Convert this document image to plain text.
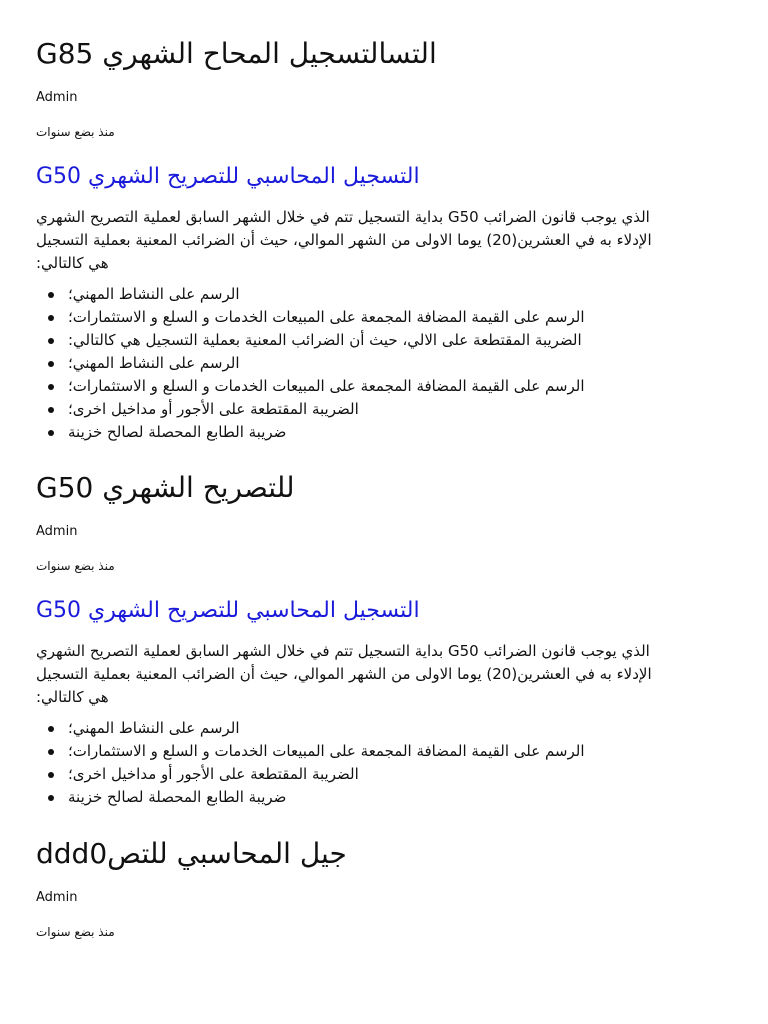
التسالتسجيل المحاح الشهري G85
Admin
منذ بضع سنوات
التسجيل المحاسبي للتصريح الشهري G50
الذي يوجب قانون الضرائب G50 بداية التسجيل تتم في خلال الشهر السابق لعملية التصريح الشهري
الإدلاء به في العشرين(20) يوما الاولى من الشهر الموالي، حيث أن الضرائب المعنية بعملية التسجيل
هي كالتالي:
الرسم على النشاط المهني؛
الرسم على القيمة المضافة المجمعة على المبيعات الخدمات و السلع و الاستثمارات؛
الضريبة المقتطعة على الالي، حيث أن الضرائب المعنية بعملية التسجيل هي كالتالي:
الرسم على النشاط المهني؛
الرسم على القيمة المضافة المجمعة على المبيعات الخدمات و السلع و الاستثمارات؛
الضريبة المقتطعة على الأجور أو مداخيل اخرى؛
ضريبة الطابع المحصلة لصالح خزينة
للتصريح الشهري G50
Admin
منذ بضع سنوات
التسجيل المحاسبي للتصريح الشهري G50
الذي يوجب قانون الضرائب G50 بداية التسجيل تتم في خلال الشهر السابق لعملية التصريح الشهري
الإدلاء به في العشرين(20) يوما الاولى من الشهر الموالي، حيث أن الضرائب المعنية بعملية التسجيل
هي كالتالي:
الرسم على النشاط المهني؛
الرسم على القيمة المضافة المجمعة على المبيعات الخدمات و السلع و الاستثمارات؛
الضريبة المقتطعة على الأجور أو مداخيل اخرى؛
ضريبة الطابع المحصلة لصالح خزينة
جيل المحاسبي للتصddd0
Admin
منذ بضع سنوات
